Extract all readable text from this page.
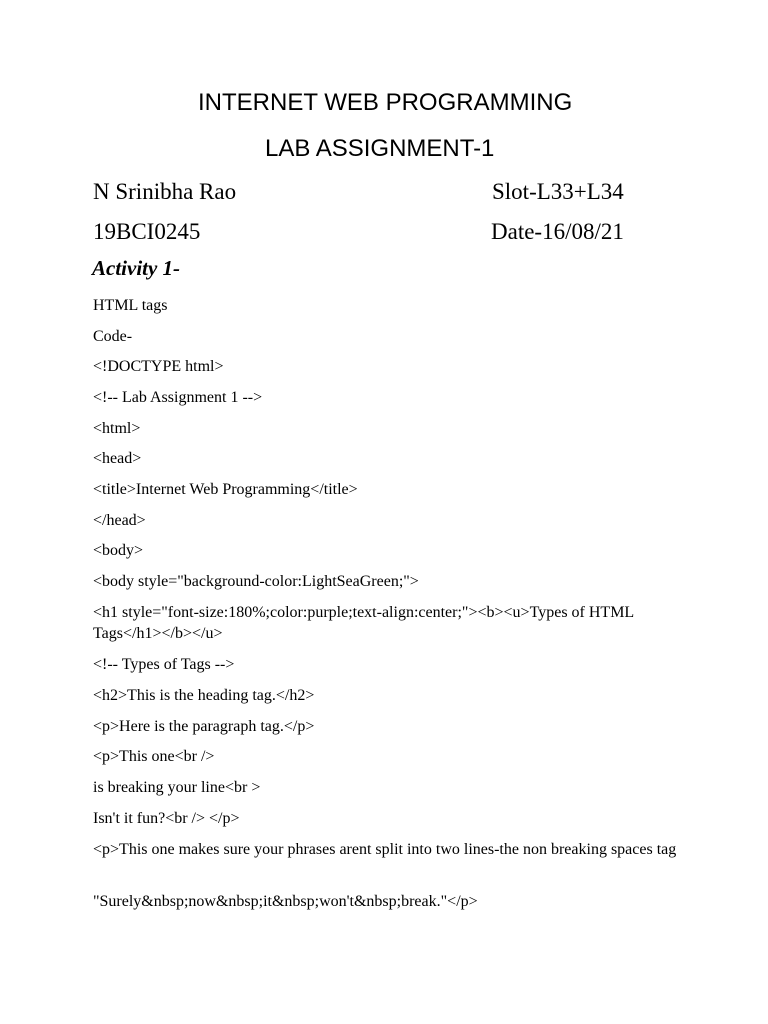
INTERNET WEB PROGRAMMING
LAB ASSIGNMENT-1
N Srinibha Rao	Slot-L33+L34
19BCI0245	Date-16/08/21
Activity 1-
HTML tags
Code-
<!DOCTYPE html>
<!-- Lab Assignment 1 -->
<html>
<head>
<title>Internet Web Programming</title>
</head>
<body>
<body style="background-color:LightSeaGreen;">
<h1 style="font-size:180%;color:purple;text-align:center;"><b><u>Types of HTML Tags</h1></b></u>
<!-- Types of Tags -->
<h2>This is the heading tag.</h2>
<p>Here is the paragraph tag.</p>
<p>This one<br />
is breaking your line<br >
Isn't it fun?<br /> </p>
<p>This one makes sure your phrases arent split into two lines-the non breaking spaces tag
"Surely&nbsp;now&nbsp;it&nbsp;won't&nbsp;break."</p>
